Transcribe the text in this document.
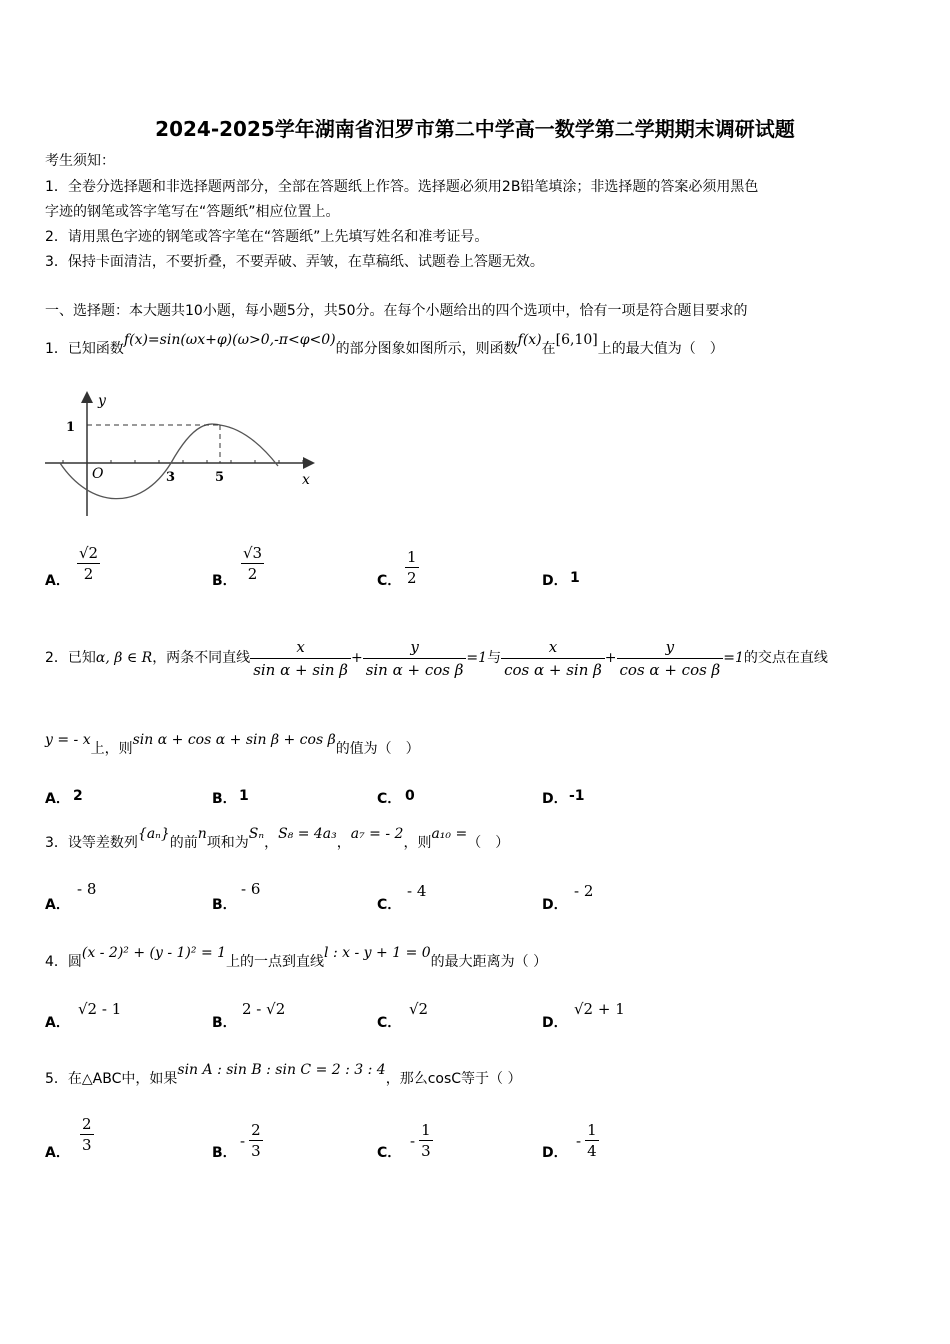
2024-2025学年湖南省汨罗市第二中学高一数学第二学期期末调研试题
考生须知：
1．全卷分选择题和非选择题两部分，全部在答题纸上作答。选择题必须用2B铅笔填涂；非选择题的答案必须用黑色
字迹的钢笔或答字笔写在“答题纸”相应位置上。
2．请用黑色字迹的钢笔或答字笔在“答题纸”上先填写姓名和准考证号。
3．保持卡面清洁，不要折叠，不要弄破、弄皱，在草稿纸、试题卷上答题无效。
一、选择题：本大题共10小题，每小题5分，共50分。在每个小题给出的四个选项中，恰有一项是符合题目要求的
1．已知函数f(x)=sin(ωx+φ)(ω>0,-π<φ<0)的部分图象如图所示，则函数f(x)在[6,10]上的最大值为（　）
y
x
O
1
3	5
A． $\frac{√2}{2}$	B． $\frac{√3}{2}$	C． $\frac{1}{2}$	D． 1
2．已知α, β ∈ R，两条不同直线 $\frac{x}{\text{sin α + sin β}} + \frac{y}{\text{sin α + cos β}} =1$与 $\frac{x}{\text{cos α + sin β}} + \frac{y}{\text{cos α + cos β}} =1$的交点在直线
y = - x上，则sin α + cos α + sin β + cos β的值为（　）
A． 2	B． 1	C． 0	D． -1
3．设等差数列{aₙ}的前n项和为Sₙ，S₈ = 4a₃，a₇ = - 2，则a₁₀ =（　）
A．
- 8
B．
- 6
C．
- 4
D．
- 2
4．圆(x - 2)² + (y - 1)² = 1上的一点到直线l : x - y + 1 = 0的最大距离为（ ）
A．
√2 - 1
B．
2 - √2
C．
√2
D．
√2 + 1
5．在△ABC中，如果sin A : sin B : sin C = 2 : 3 : 4，那么cosC等于（ ）
A． $\frac{2}{3}$	B．
- $\frac{2}{3}$	C．
- $\frac{1}{3}$	D．
- $\frac{1}{4}$
